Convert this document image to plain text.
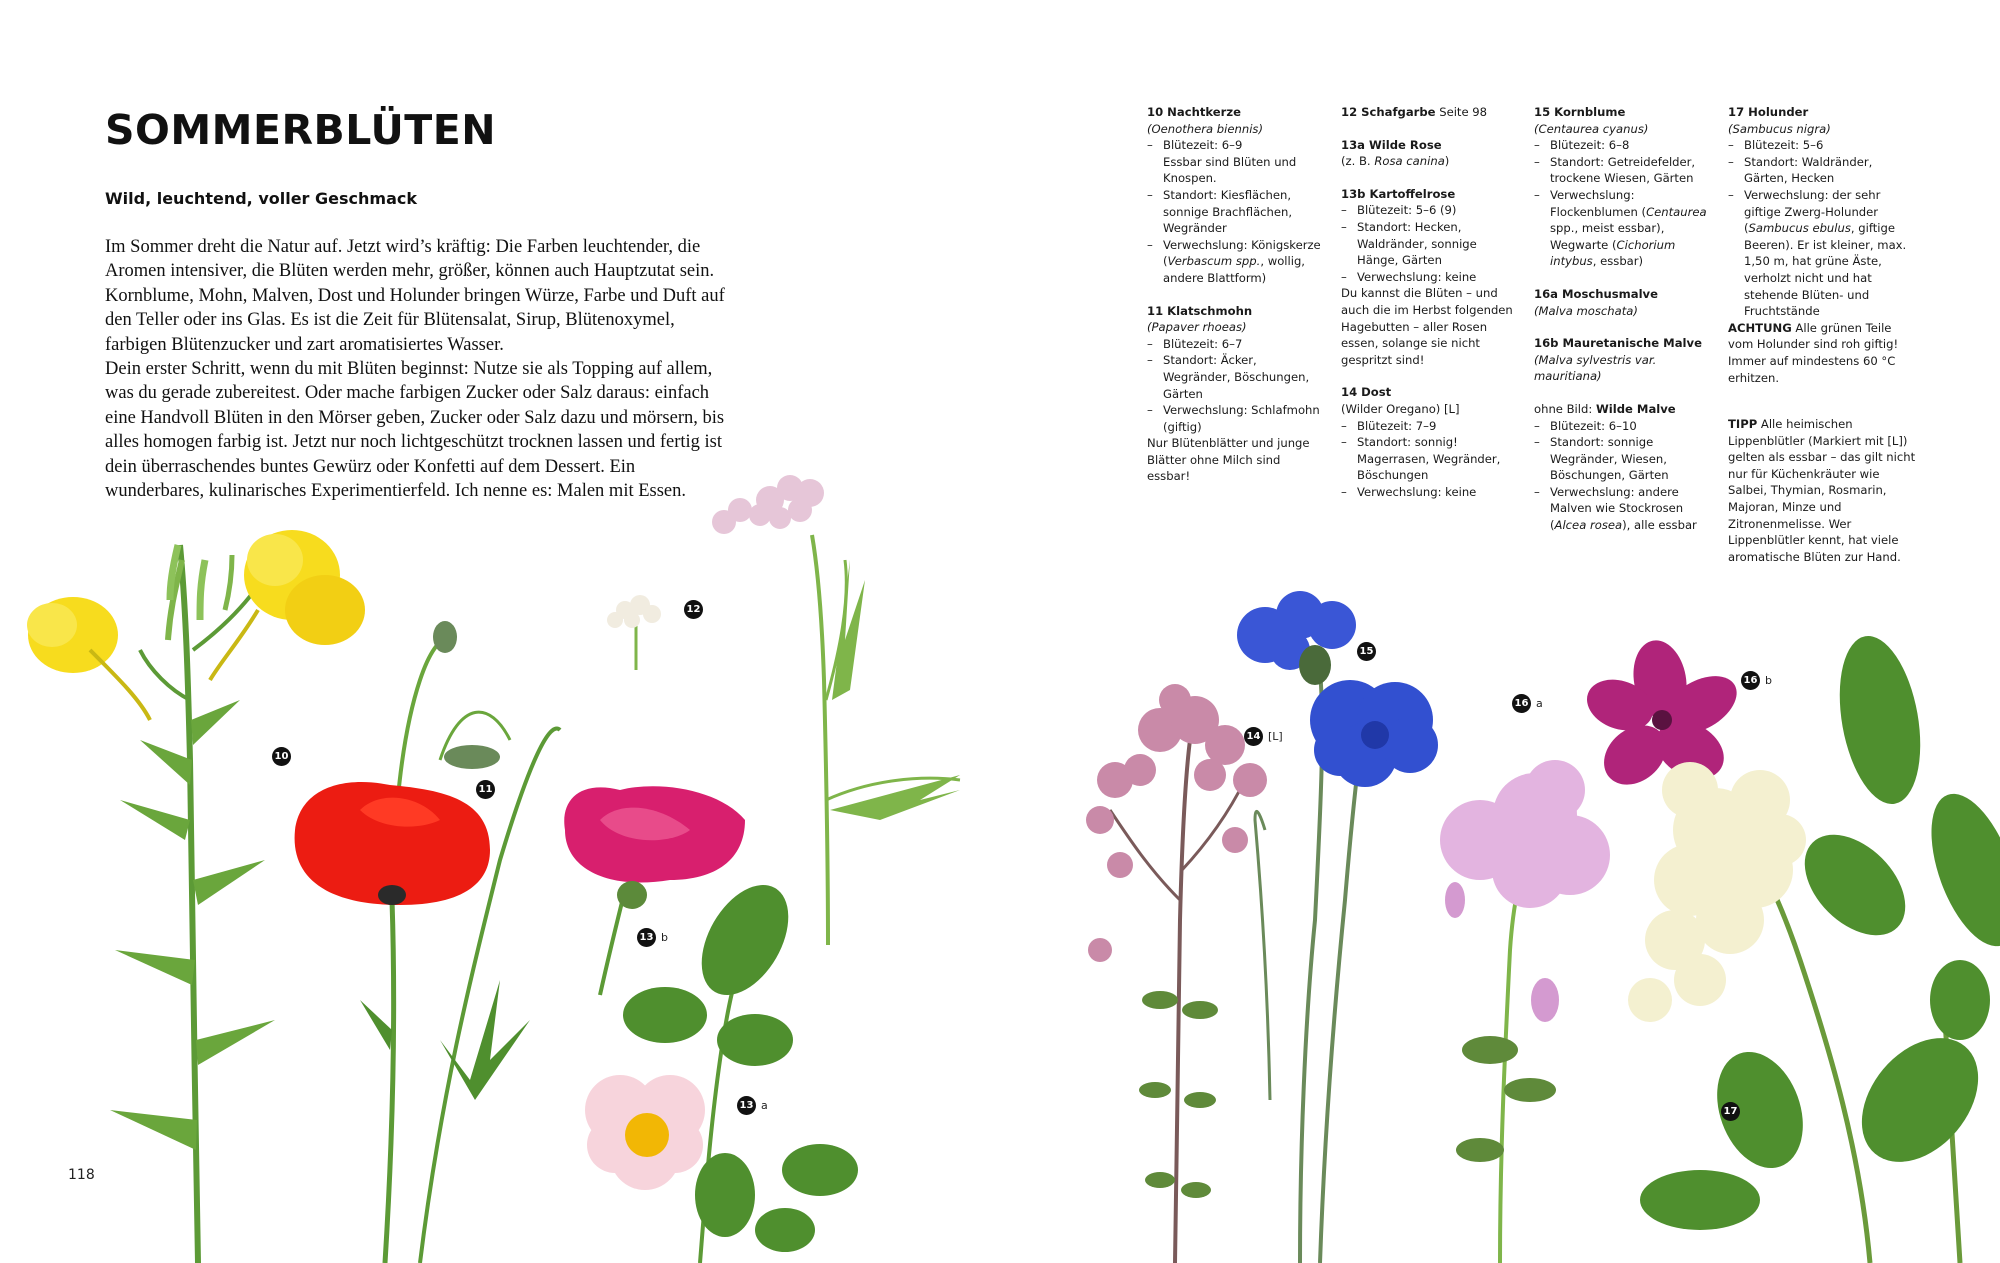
SOMMERBLÜTEN
Wild, leuchtend, voller Geschmack

Im Sommer dreht die Natur auf. Jetzt wird’s kräftig: Die Farben leuchtender, die Aromen intensiver, die Blüten werden mehr, größer, können auch Hauptzutat sein. Kornblume, Mohn, Malven, Dost und Holunder bringen Würze, Farbe und Duft auf den Teller oder ins Glas. Es ist die Zeit für Blütensalat, Sirup, Blütenoxymel, farbigen Blütenzucker und zart aromatisiertes Wasser.

Dein erster Schritt, wenn du mit Blüten beginnst: Nutze sie als Topping auf allem, was du gerade zubereitest. Oder mache farbigen Zucker oder Salz daraus: einfach eine Handvoll Blüten in den Mörser geben, Zucker oder Salz dazu und mörsern, bis alles homogen farbig ist. Jetzt nur noch lichtgeschützt trocknen lassen und fertig ist dein überraschendes buntes Gewürz oder Konfetti auf dem Dessert. Ein wunderbares, kulinarisches Experimentierfeld. Ich nenne es: Malen mit Essen.

10
11
12
13 a
13 b
14 [L]
15
16 a
16 b
17
118
10 Nachtkerze
(Oenothera biennis)
– Blütezeit: 6–9
Essbar sind Blüten und Knospen.
– Standort: Kiesflächen, sonnige Brachflächen, Wegränder
– Verwechslung: Königskerze (Verbascum spp., wollig, andere Blattform)
11 Klatschmohn
(Papaver rhoeas)
– Blütezeit: 6–7
– Standort: Äcker, Wegränder, Böschungen, Gärten
– Verwechslung: Schlafmohn (giftig)
Nur Blütenblätter und junge Blätter ohne Milch sind essbar!
12 Schafgarbe Seite 98
13a Wilde Rose
(z. B. Rosa canina)
13b Kartoffelrose
– Blütezeit: 5–6 (9)
– Standort: Hecken, Waldränder, sonnige Hänge, Gärten
– Verwechslung: keine
Du kannst die Blüten – und auch die im Herbst folgenden Hagebutten – aller Rosen essen, solange sie nicht gespritzt sind!
14 Dost
(Wilder Oregano) [L]
– Blütezeit: 7–9
– Standort: sonnig! Magerrasen, Wegränder, Böschungen
– Verwechslung: keine
15 Kornblume
(Centaurea cyanus)
– Blütezeit: 6–8
– Standort: Getreidefelder, trockene Wiesen, Gärten
– Verwechslung: Flockenblumen (Centaurea spp., meist essbar), Wegwarte (Cichorium intybus, essbar)
16a Moschusmalve
(Malva moschata)
16b Mauretanische Malve
(Malva sylvestris var. mauritiana)
ohne Bild: Wilde Malve
– Blütezeit: 6–10
– Standort: sonnige Wegränder, Wiesen, Böschungen, Gärten
– Verwechslung: andere Malven wie Stockrosen (Alcea rosea), alle essbar
17 Holunder
(Sambucus nigra)
– Blütezeit: 5–6
– Standort: Waldränder, Gärten, Hecken
– Verwechslung: der sehr giftige Zwerg-Holunder (Sambucus ebulus, giftige Beeren). Er ist kleiner, max. 1,50 m, hat grüne Äste, verholzt nicht und hat stehende Blüten- und Fruchtstände
ACHTUNG Alle grünen Teile vom Holunder sind roh giftig! Immer auf mindestens 60 °C erhitzen.
TIPP Alle heimischen Lippenblütler (Markiert mit [L]) gelten als essbar – das gilt nicht nur für Küchenkräuter wie Salbei, Thymian, Rosmarin, Majoran, Minze und Zitronenmelisse. Wer Lippenblütler kennt, hat viele aromatische Blüten zur Hand.
